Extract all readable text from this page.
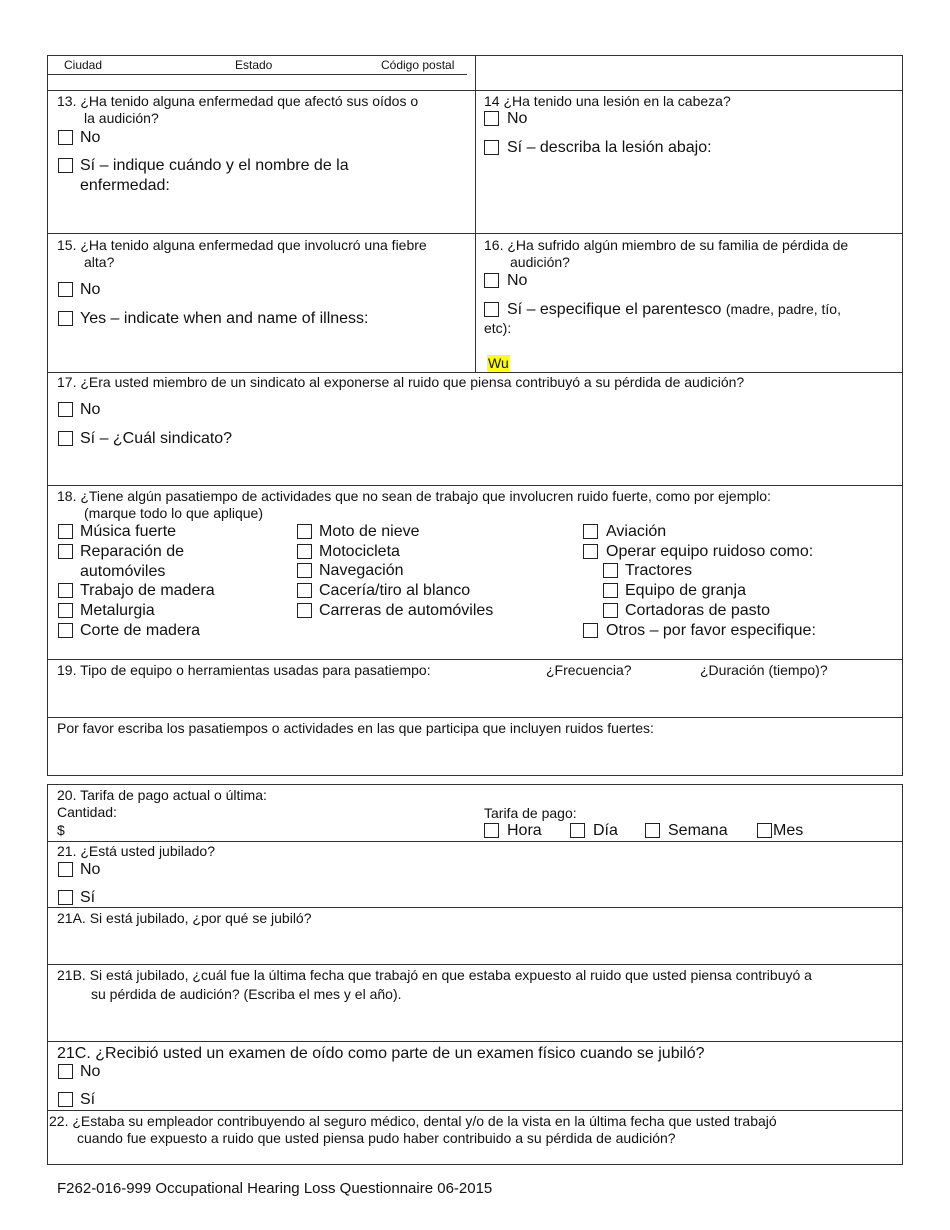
Ciudad	Estado	Código postal
13. ¿Ha tenido alguna enfermedad que afectó sus oídos o
la audición?
No
Sí – indique cuándo y el nombre de la
enfermedad:
14 ¿Ha tenido una lesión en la cabeza?
No
Sí – describa la lesión abajo:
15. ¿Ha tenido alguna enfermedad que involucró una fiebre
alta?
No
Yes – indicate when and name of illness:
16. ¿Ha sufrido algún miembro de su familia de pérdida de
audición?
No
Sí – especifique el parentesco (madre, padre, tío,
etc):
Wu
17. ¿Era usted miembro de un sindicato al exponerse al ruido que piensa contribuyó a su pérdida de audición?
No
Sí – ¿Cuál sindicato?
18. ¿Tiene algún pasatiempo de actividades que no sean de trabajo que involucren ruido fuerte, como por ejemplo:
(marque todo lo que aplique)
Música fuerte
Reparación de
automóviles
Trabajo de madera
Metalurgia
Corte de madera
Moto de nieve
Motocicleta
Navegación
Cacería/tiro al blanco
Carreras de automóviles
Aviación
Operar equipo ruidoso como:
Tractores
Equipo de granja
Cortadoras de pasto
Otros – por favor especifique:
19. Tipo de equipo o herramientas usadas para pasatiempo:	¿Frecuencia?	¿Duración (tiempo)?
Por favor escriba los pasatiempos o actividades en las que participa que incluyen ruidos fuertes:
20. Tarifa de pago actual o última:
Cantidad:
$
Tarifa de pago:
Hora	Día	Semana	Mes
21. ¿Está usted jubilado?
No
Sí
21A. Si está jubilado, ¿por qué se jubiló?
21B. Si está jubilado, ¿cuál fue la última fecha que trabajó en que estaba expuesto al ruido que usted piensa contribuyó a
su pérdida de audición? (Escriba el mes y el año).
21C. ¿Recibió usted un examen de oído como parte de un examen físico cuando se jubiló?
No
Sí
22. ¿Estaba su empleador contribuyendo al seguro médico, dental y/o de la vista en la última fecha que usted trabajó
cuando fue expuesto a ruido que usted piensa pudo haber contribuido a su pérdida de audición?
F262-016-999 Occupational Hearing Loss Questionnaire 06-2015
